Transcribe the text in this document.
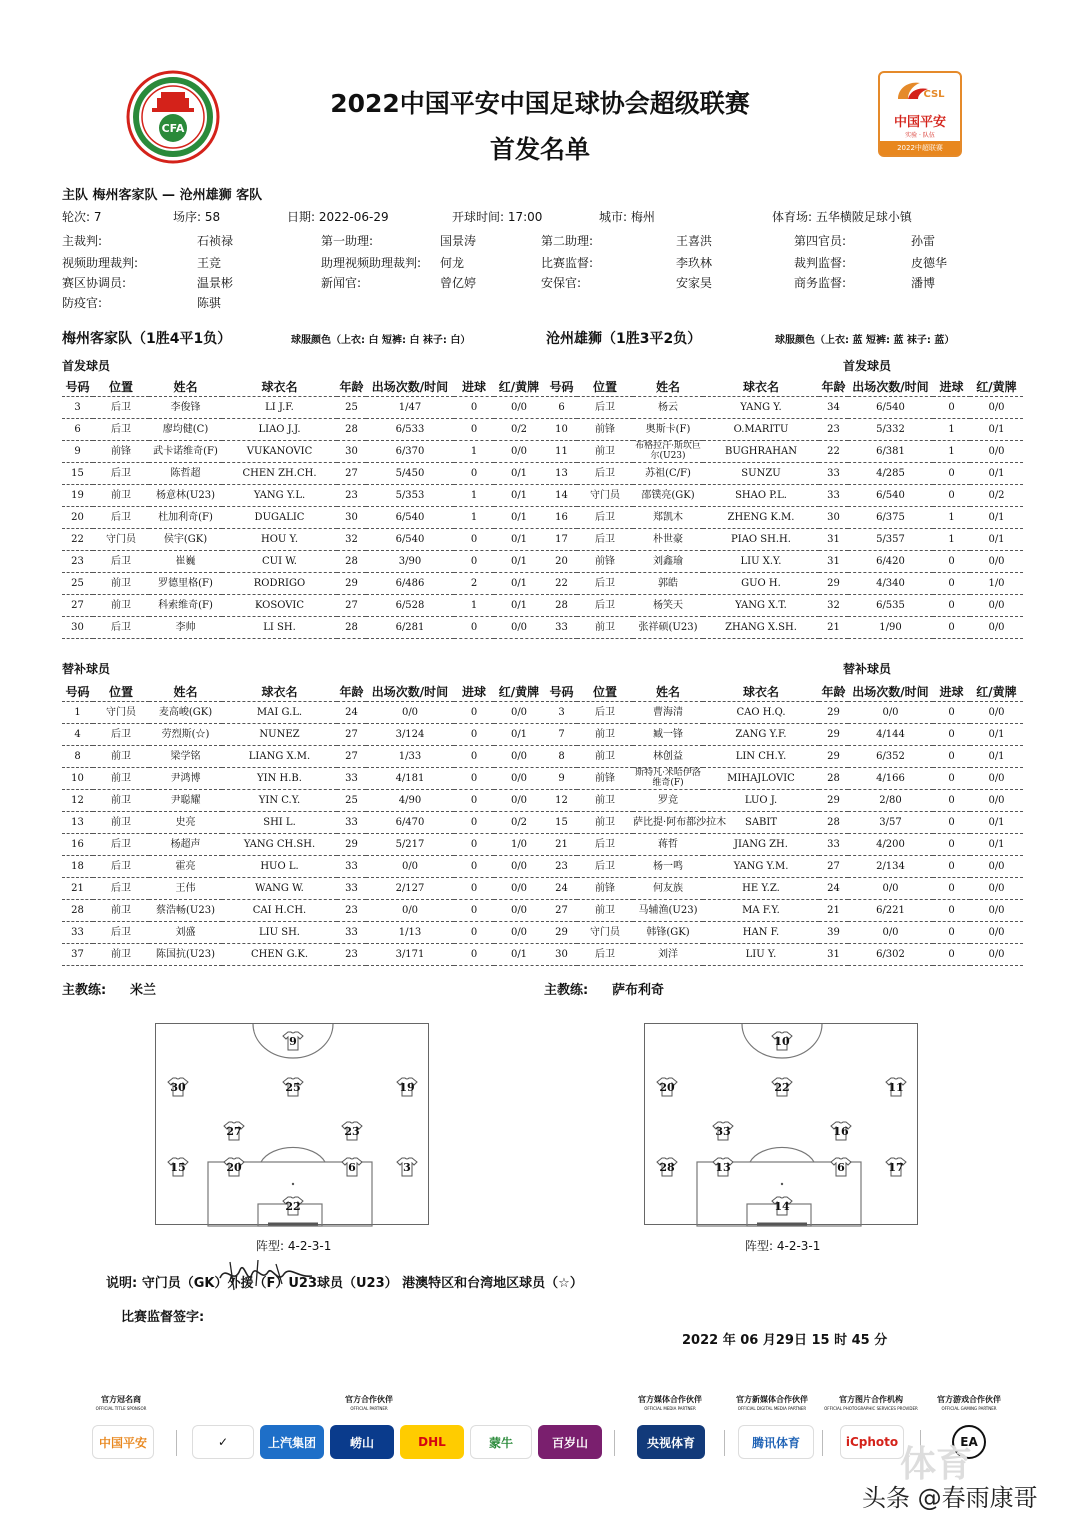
CFA
CSL
中国平安
实验 · 队伍
2022中超联赛
2022中国平安中国足球协会超级联赛
首发名单
主队 梅州客家队 — 沧州雄狮 客队
轮次: 7	场序: 58	日期: 2022-06-29	开球时间: 17:00	城市: 梅州	体育场: 五华横陂足球小镇
主裁判:	石祯禄	第一助理:	国景涛	第二助理:	王喜洪	第四官员:	孙雷
视频助理裁判:	王竞	助理视频助理裁判: 何龙	比赛监督:	李玖林	裁判监督:	皮德华
赛区协调员:	温景彬	新闻官:	曾亿婷	安保官:	安家昊	商务监督:	潘博
防疫官:	陈骐
梅州客家队（1胜4平1负）	球服颜色（上衣: 白 短裤: 白 袜子: 白）	沧州雄狮（1胜3平2负）	球服颜色（上衣: 蓝 短裤: 蓝 袜子: 蓝）
首发球员	首发球员
号码	位置	姓名	球衣名	年龄	出场次数/时间	进球	红/黄牌
3	后卫	李俊锋	LI J.F.	25	1/47	0	0/0
6	后卫	廖均健(C)	LIAO J.J.	28	6/533	0	0/2
9	前锋	武卡诺维奇(F)	VUKANOVIC	30	6/370	1	0/0
15	后卫	陈哲超	CHEN ZH.CH.	27	5/450	0	0/1
19	前卫	杨意林(U23)	YANG Y.L.	23	5/353	1	0/1
20	后卫	杜加利奇(F)	DUGALIC	30	6/540	1	0/1
22	守门员	侯宇(GK)	HOU Y.	32	6/540	0	0/1
23	后卫	崔巍	CUI W.	28	3/90	0	0/1
25	前卫	罗德里格(F)	RODRIGO	29	6/486	2	0/1
27	前卫	科索维奇(F)	KOSOVIC	27	6/528	1	0/1
30	后卫	李帅	LI SH.	28	6/281	0	0/0
号码	位置	姓名	球衣名	年龄	出场次数/时间	进球	红/黄牌
6	后卫	杨云	YANG Y.	34	6/540	0	0/0
10	前锋	奥斯卡(F)	O.MARITU	23	5/332	1	0/1
11	前卫	布格拉汗·斯坎巨尔(U23)	BUGHRAHAN	22	6/381	1	0/0
13	后卫	苏祖(C/F)	SUNZU	33	4/285	0	0/1
14	守门员	邵镤亮(GK)	SHAO P.L.	33	6/540	0	0/2
16	后卫	郑凯木	ZHENG K.M.	30	6/375	1	0/1
17	后卫	朴世豪	PIAO SH.H.	31	5/357	1	0/1
20	前锋	刘鑫瑜	LIU X.Y.	31	6/420	0	0/0
22	后卫	郭皓	GUO H.	29	4/340	0	1/0
28	后卫	杨笑天	YANG X.T.	32	6/535	0	0/0
33	前卫	张祥硕(U23)	ZHANG X.SH.	21	1/90	0	0/0
替补球员	替补球员
号码	位置	姓名	球衣名	年龄	出场次数/时间	进球	红/黄牌
1	守门员	麦高峻(GK)	MAI G.L.	24	0/0	0	0/0
4	后卫	劳烈斯(☆)	NUNEZ	27	3/124	0	0/1
8	前卫	梁学铭	LIANG X.M.	27	1/33	0	0/0
10	前卫	尹鸿博	YIN H.B.	33	4/181	0	0/0
12	前卫	尹聪耀	YIN C.Y.	25	4/90	0	0/0
13	前卫	史亮	SHI L.	33	6/470	0	0/2
16	后卫	杨超声	YANG CH.SH.	29	5/217	0	1/0
18	后卫	霍亮	HUO L.	33	0/0	0	0/0
21	后卫	王伟	WANG W.	33	2/127	0	0/0
28	前卫	蔡浩畅(U23)	CAI H.CH.	23	0/0	0	0/0
33	后卫	刘盛	LIU SH.	33	1/13	0	0/0
37	前卫	陈国抗(U23)	CHEN G.K.	23	3/171	0	0/1
号码	位置	姓名	球衣名	年龄	出场次数/时间	进球	红/黄牌
3	后卫	曹海清	CAO H.Q.	29	0/0	0	0/0
7	前卫	臧一锋	ZANG Y.F.	29	4/144	0	0/1
8	前卫	林创益	LIN CH.Y.	29	6/352	0	0/1
9	前锋	斯特凡·米哈伊洛维奇(F)	MIHAJLOVIC	28	4/166	0	0/0
12	前卫	罗竞	LUO J.	29	2/80	0	0/0
15	前卫	萨比提·阿布都沙拉木	SABIT	28	3/57	0	0/1
21	后卫	蒋哲	JIANG ZH.	33	4/200	0	0/1
23	后卫	杨一鸣	YANG Y.M.	27	2/134	0	0/0
24	前锋	何友族	HE Y.Z.	24	0/0	0	0/0
27	前卫	马辅渔(U23)	MA F.Y.	21	6/221	0	0/0
29	守门员	韩锋(GK)	HAN F.	39	0/0	0	0/0
30	后卫	刘洋	LIU Y.	31	6/302	0	0/0
主教练: 米兰	主教练: 萨布利奇
9
30	25	19
27	23
15	20	6	3
22
10
20	22	11
33	16
28	13	6	17
14
阵型: 4-2-3-1	阵型: 4-2-3-1
说明: 守门员（GK）外援（F）U23球员（U23） 港澳特区和台湾地区球员（☆）
比赛监督签字:
2022 年 06 月29日 15 时 45 分
官方冠名商
OFFICIAL TITLE SPONSOR
官方合作伙伴
OFFICIAL PARTNER
官方媒体合作伙伴
OFFICIAL MEDIA PARTNER
官方新媒体合作伙伴
OFFICIAL DIGITAL MEDIA PARTNER
官方图片合作机构
OFFICIAL PHOTOGRAPHIC SERVICES PROVIDER
官方游戏合作伙伴
OFFICIAL GAMING PARTNER
中国平安	✓	上汽集团	崂山	DHL	蒙牛	百岁山	央视体育	腾讯体育	iCphoto	EA
体育
头条 @春雨康哥
